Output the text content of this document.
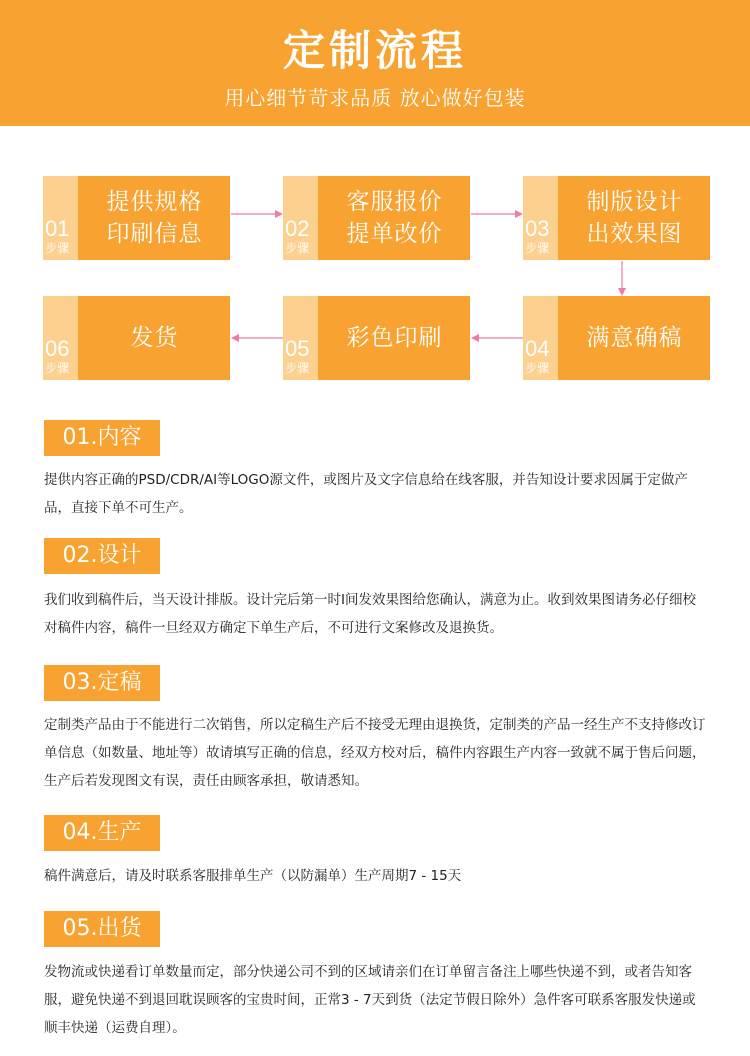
定制流程
用心细节苛求品质 放心做好包装
01
步骤
提供规格
印刷信息	02
步骤
客服报价
提单改价	03
步骤
制版设计
出效果图
04
步骤
满意确稿
05
步骤
彩色印刷
06
步骤
发货
01.内容
提供内容正确的PSD/CDR/AI等LOGO源文件，或图片及文字信息给在线客服，并告知设计要求因属于定做产品，直接下单不可生产。
02.设计
我们收到稿件后，当天设计排版。设计完后第一时I间发效果图给您确认，满意为止。收到效果图请务必仔细校对稿件内容，稿件一旦经双方确定下单生产后，不可进行文案修改及退换货。
03.定稿
定制类产品由于不能进行二次销售，所以定稿生产后不接受无理由退换货，定制类的产品一经生产不支持修改订单信息（如数量、地址等）故请填写正确的信息，经双方校对后，稿件内容跟生产内容一致就不属于售后问题，生产后若发现图文有误，责任由顾客承担，敬请悉知。
04.生产
稿件满意后，请及时联系客服排单生产（以防漏单）生产周期7 - 15天
05.出货
发物流或快递看订单数量而定，部分快递公司不到的区域请亲们在订单留言备注上哪些快递不到，或者告知客服，避免快递不到退回耽误顾客的宝贵时间，正常3 - 7天到货（法定节假日除外）急件客可联系客服发快递或顺丰快递（运费自理）。
